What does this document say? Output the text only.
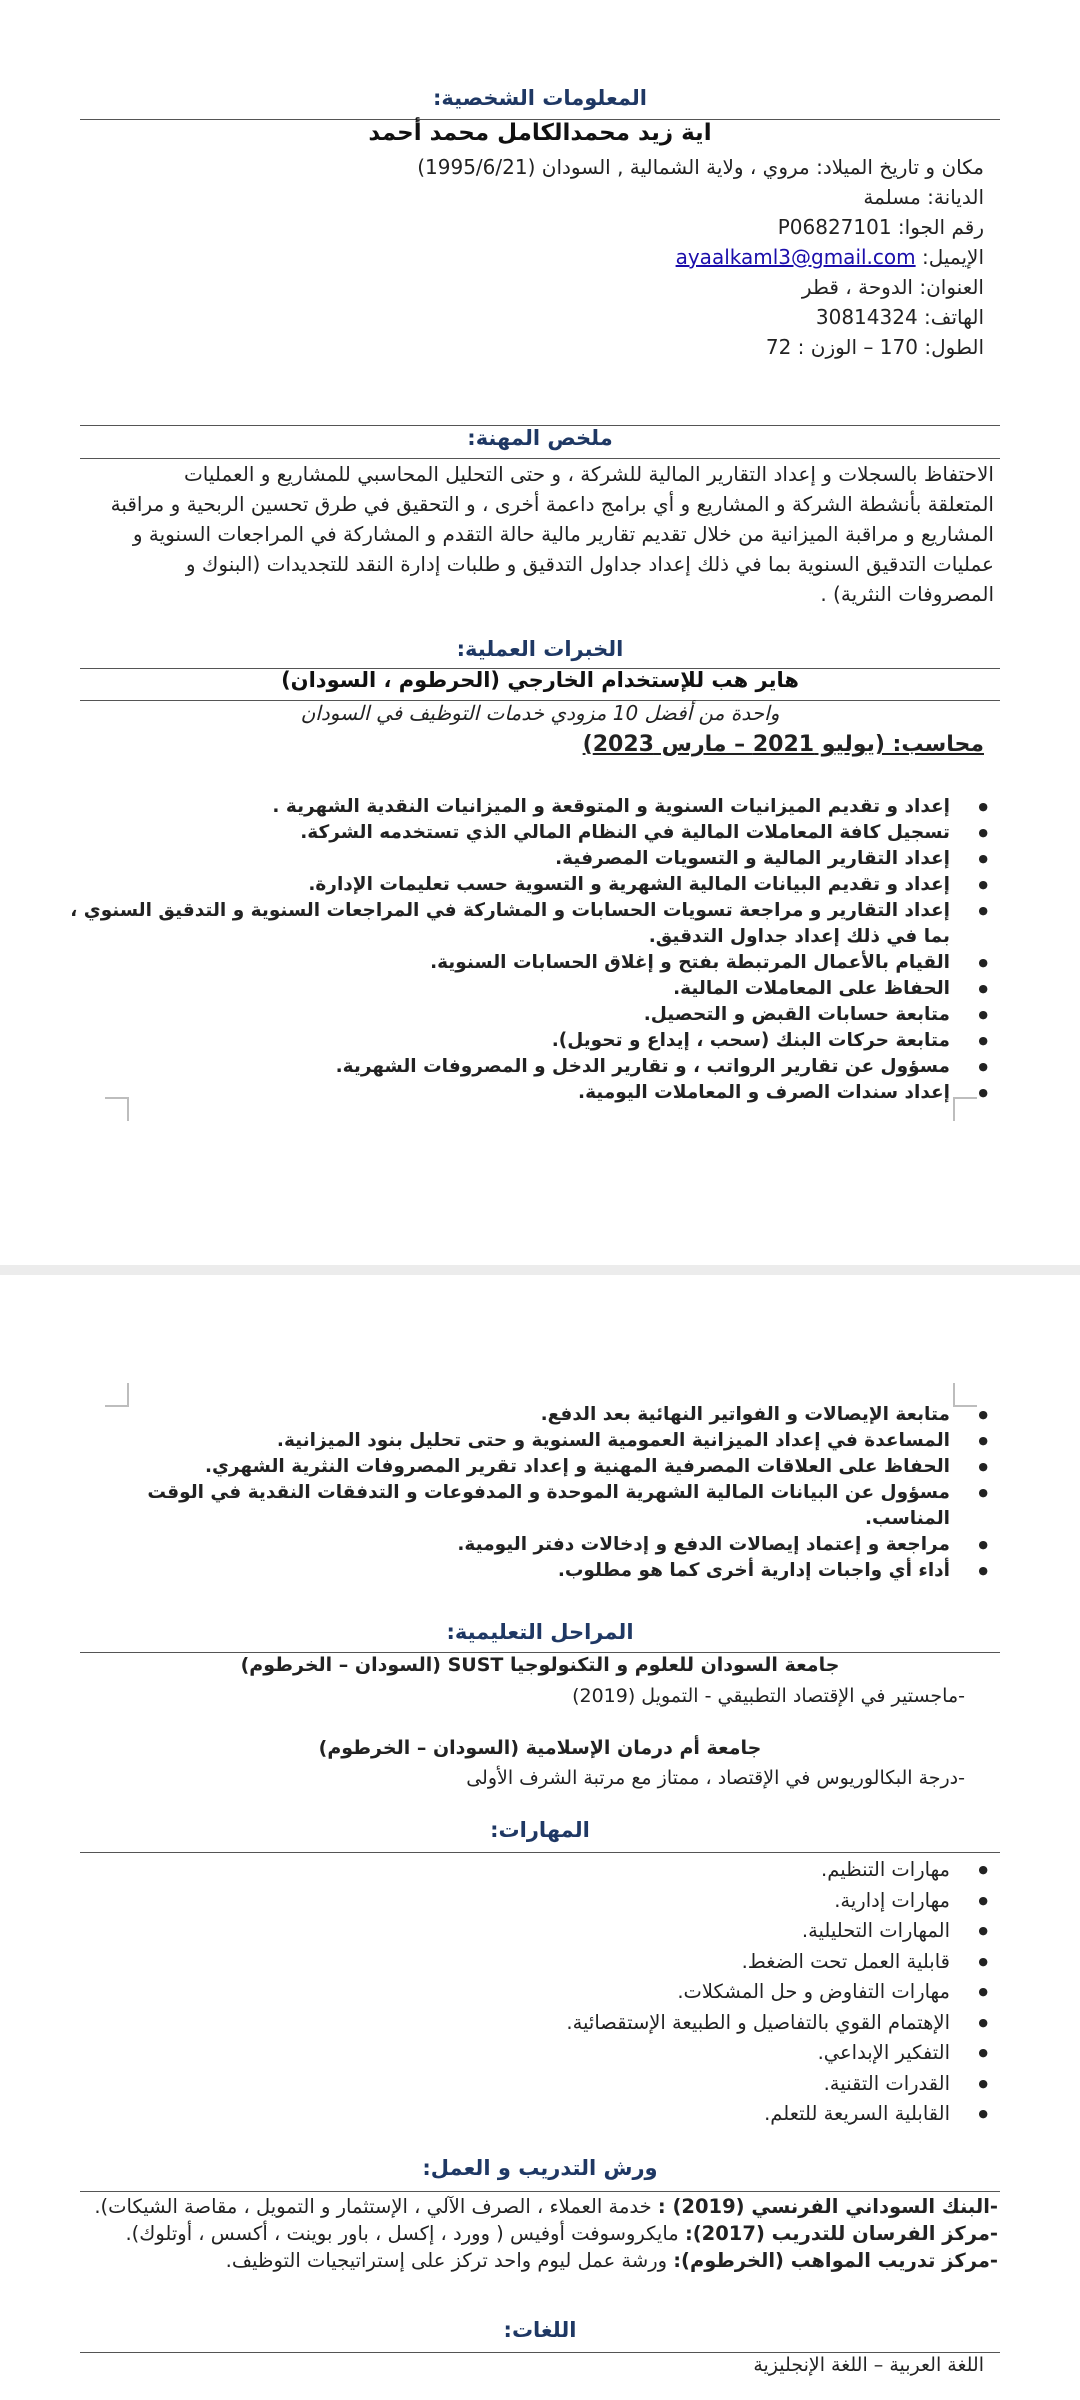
المعلومات الشخصية:
اية زيد محمدالكامل محمد أحمد
مكان و تاريخ الميلاد: مروي ، ولاية الشمالية , السودان (1995/6/21)
الديانة: مسلمة
رقم الجوا: P06827101
الإيميل: ayaalkaml3@gmail.com
العنوان: الدوحة ، قطر
الهاتف: 30814324
الطول: 170 – الوزن : 72
ملخص المهنة:
الاحتفاظ بالسجلات و إعداد التقارير المالية للشركة ، و حتى التحليل المحاسبي للمشاريع و العمليات
المتعلقة بأنشطة الشركة و المشاريع و أي برامج داعمة أخرى ، و التحقيق في طرق تحسين الربحية و مراقبة
المشاريع و مراقبة الميزانية من خلال تقديم تقارير مالية حالة التقدم و المشاركة في المراجعات السنوية و
عمليات التدقيق السنوية بما في ذلك إعداد جداول التدقيق و طلبات إدارة النقد للتجديدات (البنوك و
المصروفات النثرية) .
الخبرات العملية:
هاير هب للإستخدام الخارجي (الحرطوم ، السودان)
واحدة من أفضل 10 مزودي خدمات التوظيف في السودان
محاسب: (يوليو 2021 – مارس 2023)
● إعداد و تقديم الميزانيات السنوية و المتوقعة و الميزانيات النقدية الشهرية .
● تسجيل كافة المعاملات المالية في النظام المالي الذي تستخدمه الشركة.
● إعداد التقارير المالية و التسويات المصرفية.
● إعداد و تقديم البيانات المالية الشهرية و التسوية حسب تعليمات الإدارة.
● إعداد التقارير و مراجعة تسويات الحسابات و المشاركة في المراجعات السنوية و التدقيق السنوي ، بما في ذلك إعداد جداول التدقيق.
● القيام بالأعمال المرتبطة بفتح و إغلاق الحسابات السنوية.
● الحفاظ على المعاملات المالية.
● متابعة حسابات القبض و التحصيل.
● متابعة حركات البنك (سحب ، إيداع و تحويل).
● مسؤول عن تقارير الرواتب ، و تقارير الدخل و المصروفات الشهرية.
● إعداد سندات الصرف و المعاملات اليومية.
● متابعة الإيصالات و الفواتير النهائية بعد الدفع.
● المساعدة في إعداد الميزانية العمومية السنوية و حتى تحليل بنود الميزانية.
● الحفاظ على العلاقات المصرفية المهنية و إعداد تقرير المصروفات النثرية الشهري.
● مسؤول عن البيانات المالية الشهرية الموحدة و المدفوعات و التدفقات النقدية في الوقت المناسب.
● مراجعة و إعتماد إيصالات الدفع و إدخالات دفتر اليومية.
● أداء أي واجبات إدارية أخرى كما هو مطلوب.
المراحل التعليمية:
جامعة السودان للعلوم و التكنولوجيا SUST (السودان – الخرطوم)
-ماجستير في الإقتصاد التطبيقي - التمويل (2019)
جامعة أم درمان الإسلامية (السودان – الخرطوم)
-درجة البكالوريوس في الإقتصاد ، ممتاز مع مرتبة الشرف الأولى
المهارات:
● مهارات التنظيم.
● مهارات إدارية.
● المهارات التحليلية.
● قابلية العمل تحت الضغط.
● مهارات التفاوض و حل المشكلات.
● الإهتمام القوي بالتفاصيل و الطبيعة الإستقصائية.
● التفكير الإبداعي.
● القدرات التقنية.
● القابلية السريعة للتعلم.
ورش التدريب و العمل:
-البنك السوداني الفرنسي (2019) : خدمة العملاء ، الصرف الآلي ، الإستثمار و التمويل ، مقاصة الشيكات).
-مركز الفرسان للتدريب (2017): مايكروسوفت أوفيس ( وورد ، إكسل ، باور بوينت ، أكسس ، أوتلوك).
-مركز تدريب المواهب (الخرطوم): ورشة عمل ليوم واحد تركز على إستراتيجيات التوظيف.
اللغات:
اللغة العربية – اللغة الإنجليزية
